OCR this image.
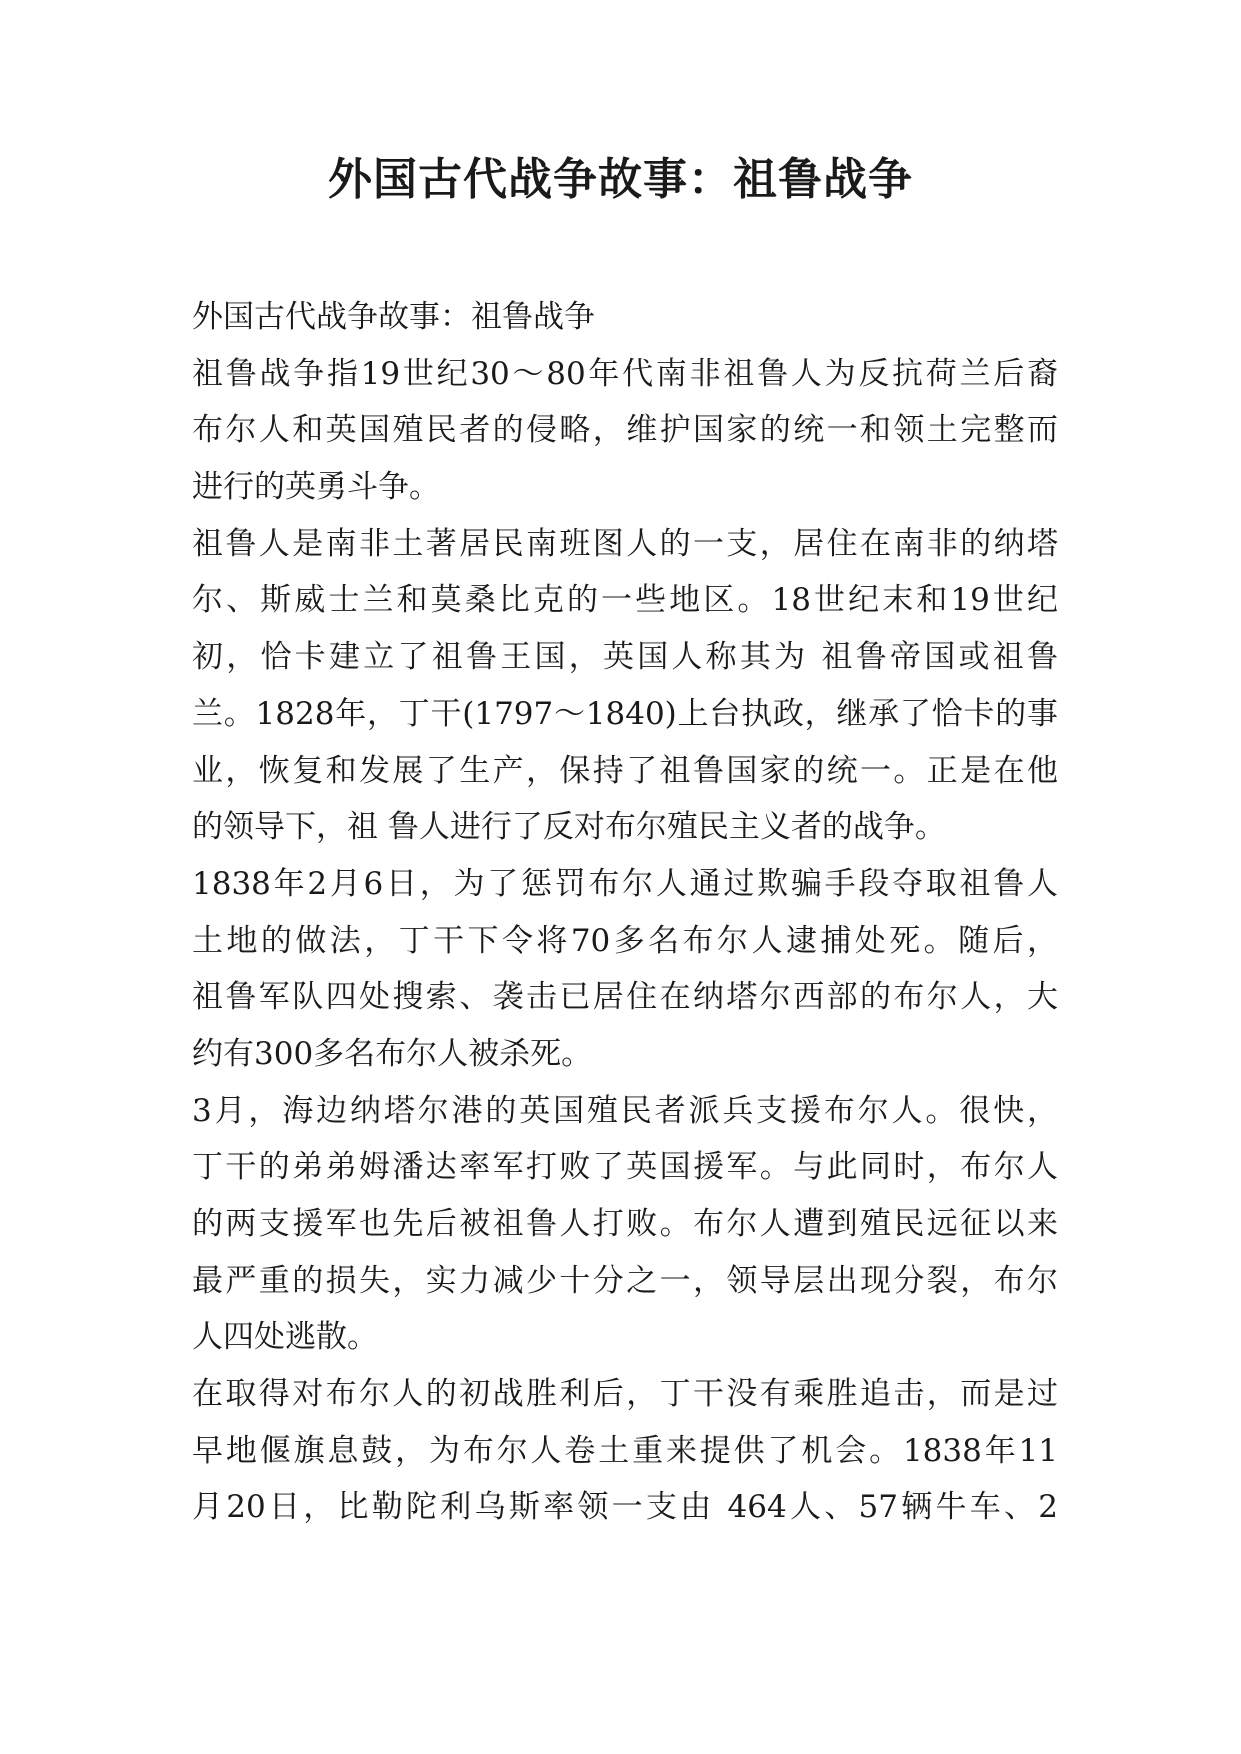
外国古代战争故事：祖鲁战争
外国古代战争故事：祖鲁战争
祖鲁战争指19世纪30～80年代南非祖鲁人为反抗荷兰后裔
布尔人和英国殖民者的侵略，维护国家的统一和领土完整而
进行的英勇斗争。
祖鲁人是南非土著居民南班图人的一支，居住在南非的纳塔
尔、斯威士兰和莫桑比克的一些地区。18世纪末和19世纪
初，恰卡建立了祖鲁王国，英国人称其为 祖鲁帝国或祖鲁
兰。1828年，丁干(1797～1840)上台执政，继承了恰卡的事
业，恢复和发展了生产，保持了祖鲁国家的统一。正是在他
的领导下，祖 鲁人进行了反对布尔殖民主义者的战争。
1838年2月6日，为了惩罚布尔人通过欺骗手段夺取祖鲁人
土地的做法，丁干下令将70多名布尔人逮捕处死。随后，
祖鲁军队四处搜索、袭击已居住在纳塔尔西部的布尔人，大
约有300多名布尔人被杀死。
3月，海边纳塔尔港的英国殖民者派兵支援布尔人。很快，
丁干的弟弟姆潘达率军打败了英国援军。与此同时，布尔人
的两支援军也先后被祖鲁人打败。布尔人遭到殖民远征以来
最严重的损失，实力减少十分之一，领导层出现分裂，布尔
人四处逃散。
在取得对布尔人的初战胜利后，丁干没有乘胜追击，而是过
早地偃旗息鼓，为布尔人卷土重来提供了机会。1838年11
月20日，比勒陀利乌斯率领一支由 464人、57辆牛车、2
